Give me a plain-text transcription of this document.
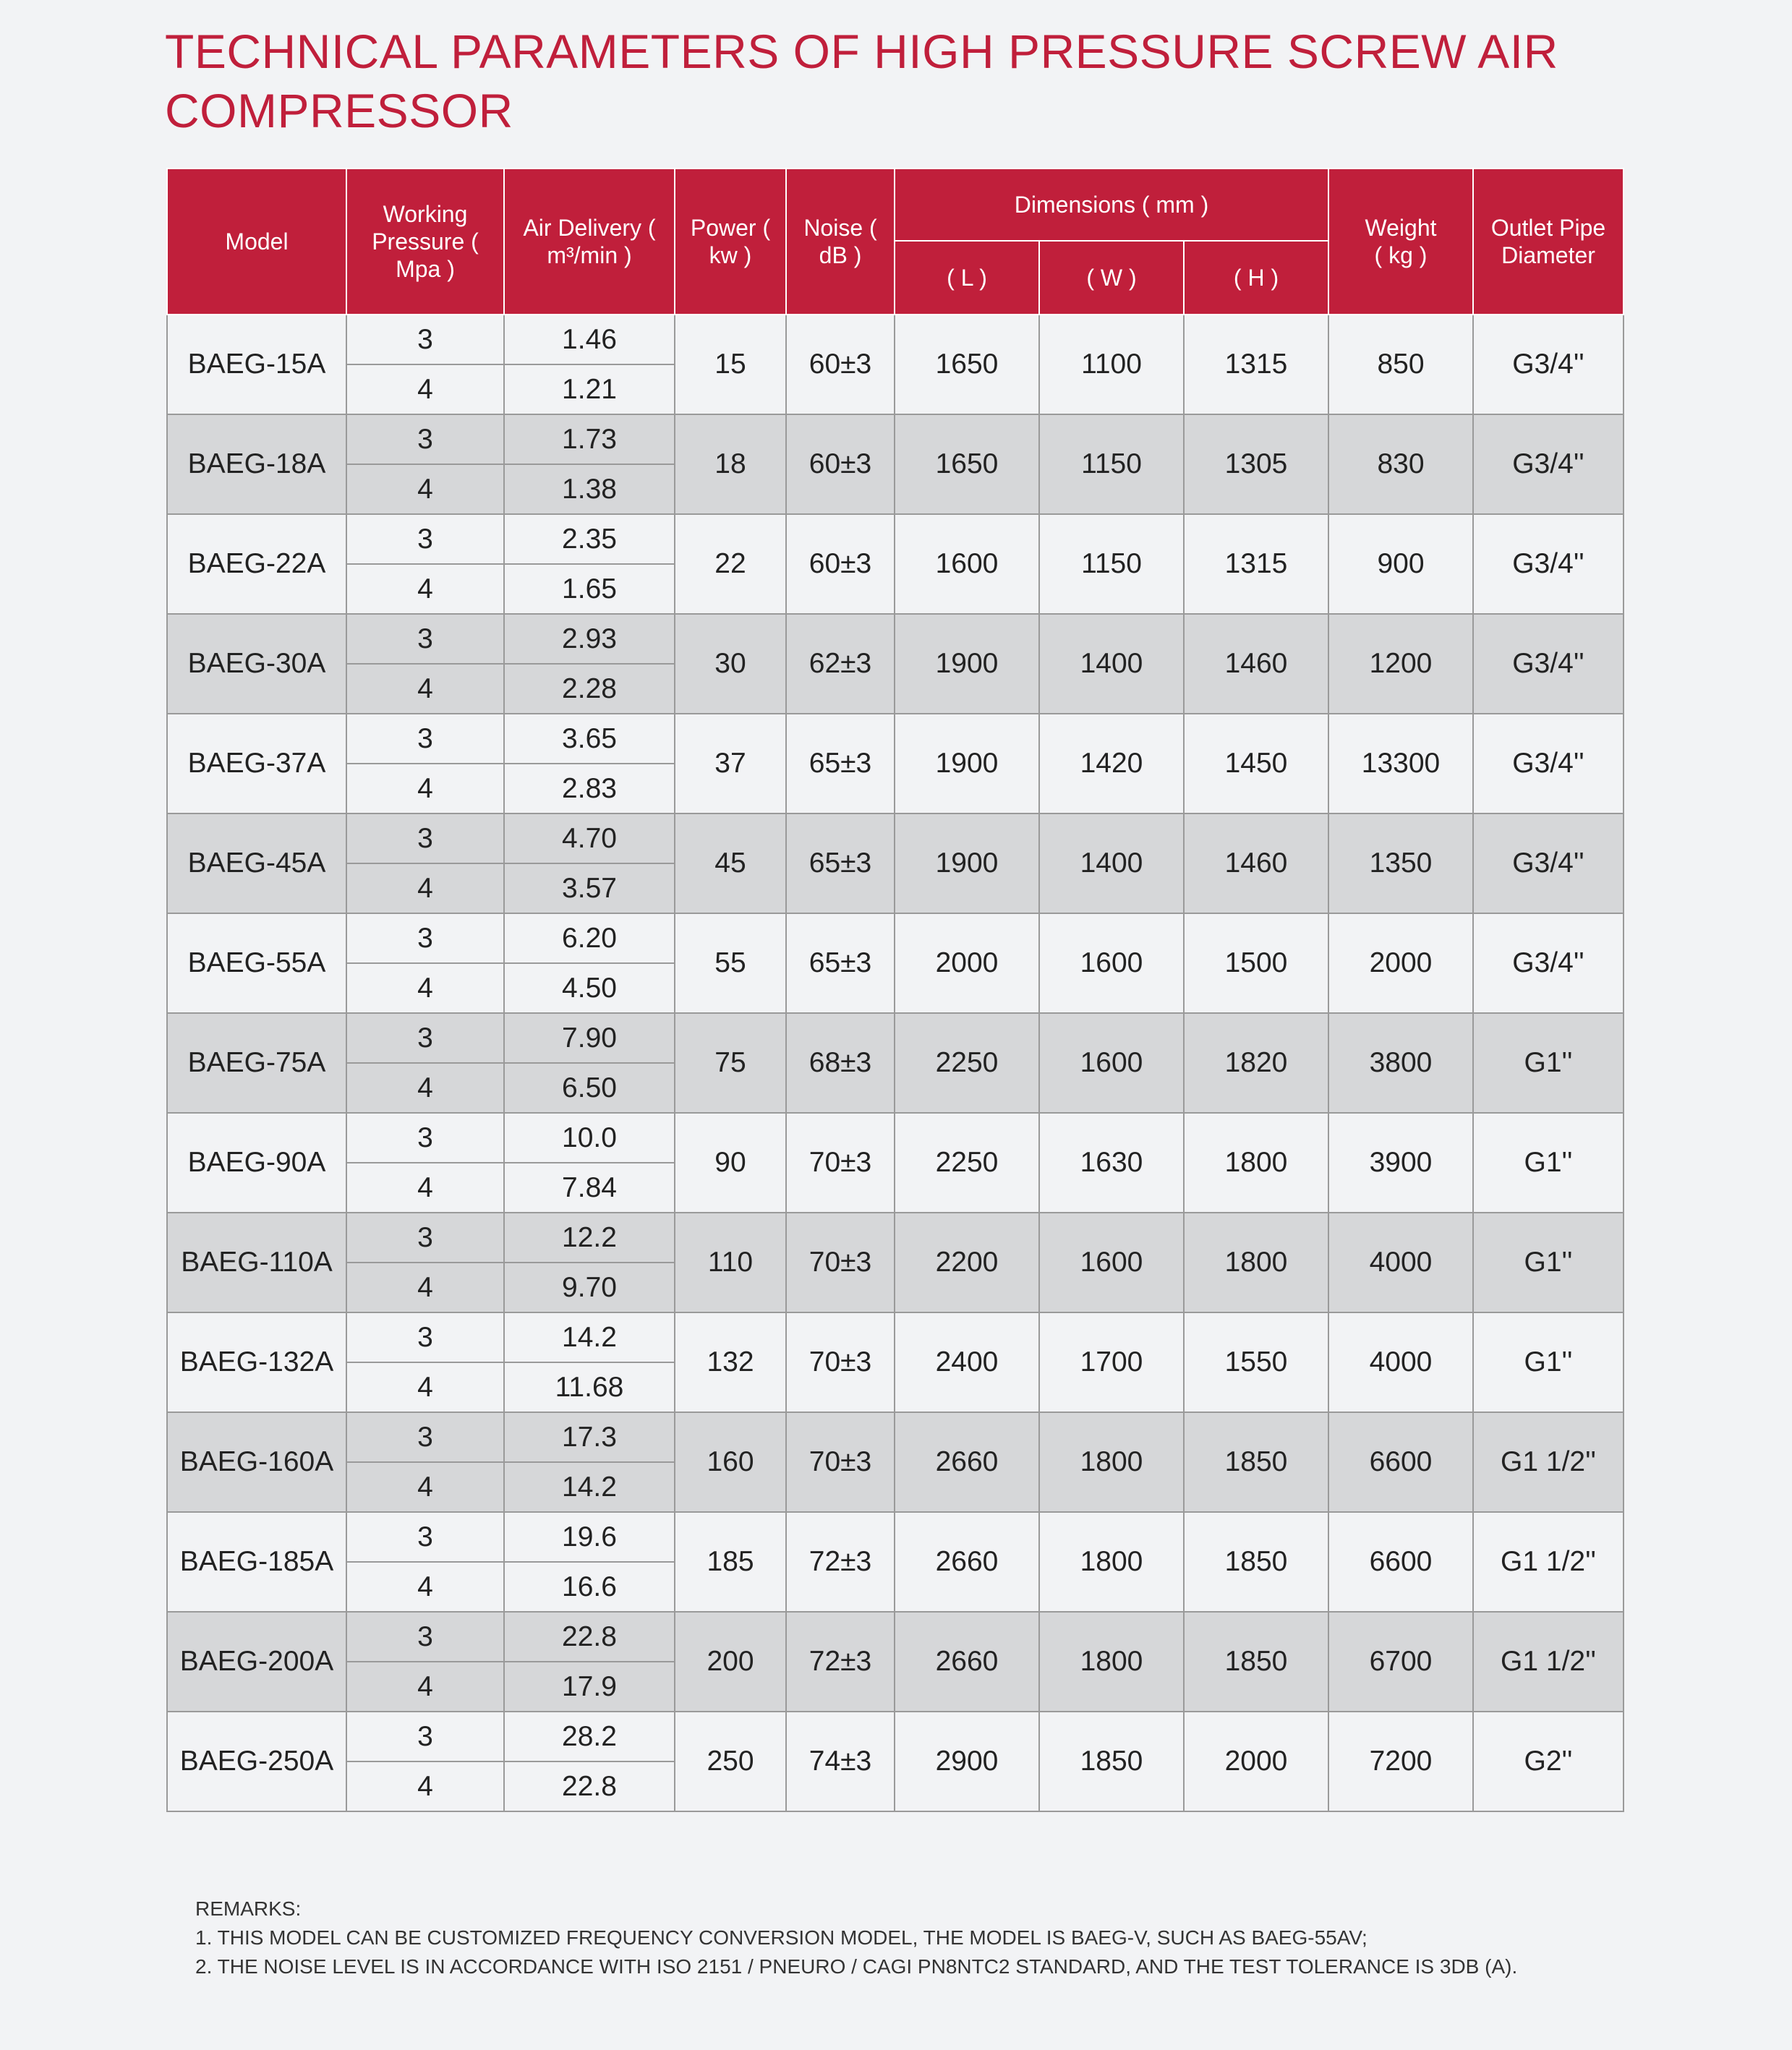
TECHNICAL PARAMETERS OF HIGH PRESSURE SCREW AIR COMPRESSOR
Model	Working Pressure ( Mpa )	Air Delivery ( m³/min )	Power ( kw )	Noise ( dB )	Dimensions ( mm )			Weight ( kg )	Outlet Pipe Diameter
					( L )	( W )	( H )		
BAEG-15A	3	1.46	15	60±3	1650	1100	1315	850	G3/4''
	4	1.21							
BAEG-18A	3	1.73	18	60±3	1650	1150	1305	830	G3/4''
	4	1.38							
BAEG-22A	3	2.35	22	60±3	1600	1150	1315	900	G3/4''
	4	1.65							
BAEG-30A	3	2.93	30	62±3	1900	1400	1460	1200	G3/4''
	4	2.28							
BAEG-37A	3	3.65	37	65±3	1900	1420	1450	13300	G3/4''
	4	2.83							
BAEG-45A	3	4.70	45	65±3	1900	1400	1460	1350	G3/4''
	4	3.57							
BAEG-55A	3	6.20	55	65±3	2000	1600	1500	2000	G3/4''
	4	4.50							
BAEG-75A	3	7.90	75	68±3	2250	1600	1820	3800	G1''
	4	6.50							
BAEG-90A	3	10.0	90	70±3	2250	1630	1800	3900	G1''
	4	7.84							
BAEG-110A	3	12.2	110	70±3	2200	1600	1800	4000	G1''
	4	9.70							
BAEG-132A	3	14.2	132	70±3	2400	1700	1550	4000	G1''
	4	11.68							
BAEG-160A	3	17.3	160	70±3	2660	1800	1850	6600	G1 1/2''
	4	14.2							
BAEG-185A	3	19.6	185	72±3	2660	1800	1850	6600	G1 1/2''
	4	16.6							
BAEG-200A	3	22.8	200	72±3	2660	1800	1850	6700	G1 1/2''
	4	17.9							
BAEG-250A	3	28.2	250	74±3	2900	1850	2000	7200	G2''
	4	22.8							
REMARKS:
1. THIS MODEL CAN BE CUSTOMIZED FREQUENCY CONVERSION MODEL, THE MODEL IS BAEG-V, SUCH AS BAEG-55AV;
2. THE NOISE LEVEL IS IN ACCORDANCE WITH ISO 2151 / PNEURO / CAGI PN8NTC2 STANDARD, AND THE TEST TOLERANCE IS 3DB (A).
